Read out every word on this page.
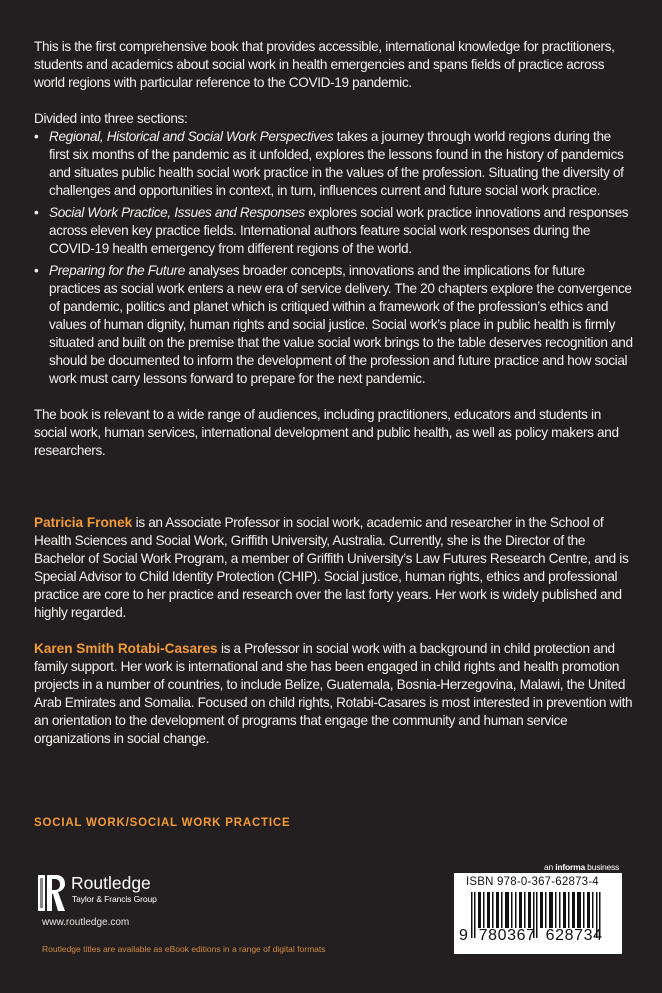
This is the first comprehensive book that provides accessible, international knowledge for practitioners, students and academics about social work in health emergencies and spans fields of practice across world regions with particular reference to the COVID-19 pandemic.

Divided into three sections:

• Regional, Historical and Social Work Perspectives takes a journey through world regions during the first six months of the pandemic as it unfolded, explores the lessons found in the history of pandemics and situates public health social work practice in the values of the profession. Situating the diversity of challenges and opportunities in context, in turn, influences current and future social work practice.
• Social Work Practice, Issues and Responses explores social work practice innovations and responses across eleven key practice fields. International authors feature social work responses during the COVID-19 health emergency from different regions of the world.
• Preparing for the Future analyses broader concepts, innovations and the implications for future practices as social work enters a new era of service delivery. The 20 chapters explore the convergence of pandemic, politics and planet which is critiqued within a framework of the profession’s ethics and values of human dignity, human rights and social justice. Social work’s place in public health is firmly situated and built on the premise that the value social work brings to the table deserves recognition and should be documented to inform the development of the profession and future practice and how social work must carry lessons forward to prepare for the next pandemic.

The book is relevant to a wide range of audiences, including practitioners, educators and students in social work, human services, international development and public health, as well as policy makers and researchers.

Patricia Fronek is an Associate Professor in social work, academic and researcher in the School of Health Sciences and Social Work, Griffith University, Australia. Currently, she is the Director of the Bachelor of Social Work Program, a member of Griffith University’s Law Futures Research Centre, and is Special Advisor to Child Identity Protection (CHIP). Social justice, human rights, ethics and professional practice are core to her practice and research over the last forty years. Her work is widely published and highly regarded.

Karen Smith Rotabi-Casares is a Professor in social work with a background in child protection and family support. Her work is international and she has been engaged in child rights and health promotion projects in a number of countries, to include Belize, Guatemala, Bosnia-Herzegovina, Malawi, the United Arab Emirates and Somalia. Focused on child rights, Rotabi-Casares is most interested in prevention with an orientation to the development of programs that engage the community and human service organizations in social change.

SOCIAL WORK/SOCIAL WORK PRACTICE
Routledge
Taylor & Francis Group
www.routledge.com
Routledge titles are available as eBook editions in a range of digital formats
an informa business
ISBN 978-0-367-62873-4
9  780367  628734
